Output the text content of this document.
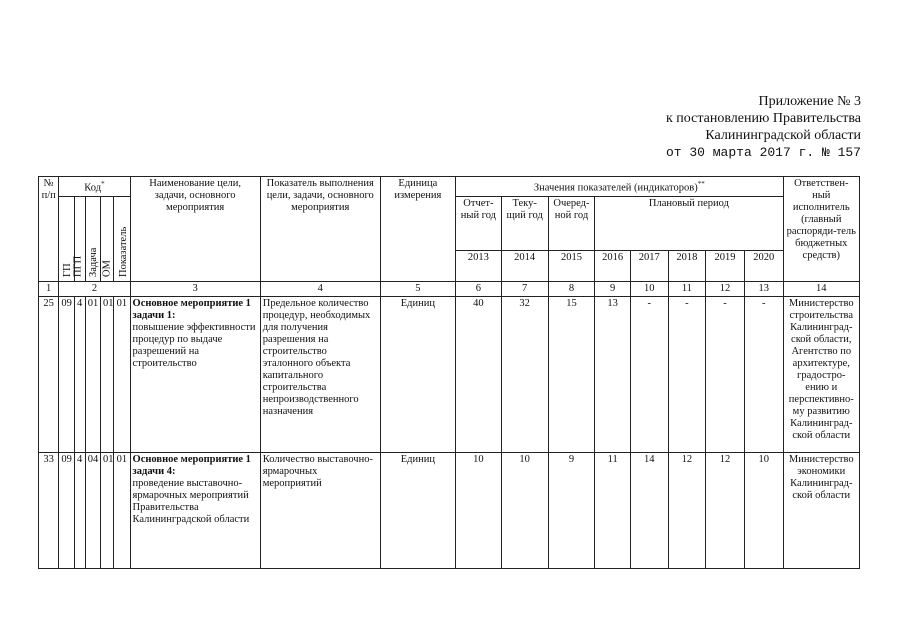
Приложение № 3
к постановлению Правительства
Калининградской области
от 30 марта 2017 г. № 157
№ п/п	Код*					Наименование цели, задачи, основного мероприятия	Показатель выполнения цели, задачи, основного мероприятия	Единица измерения	Значения показателей (индикаторов)**								Ответствен-ный исполнитель (главный распоряди-тель бюджетных средств)
	ГП	ПГП	Задача	ОМ	Показатель				Отчет-ный год	Теку-щий год	Очеред-ной год	Плановый период					
									2013	2014	2015	2016	2017	2018	2019	2020	
1	2					3	4	5	6	7	8	9	10	11	12	13	14
25	09	4	01	01	01	Основное мероприятие 1 задачи 1:
повышение эффективности процедур по выдаче разрешений на строительство	Предельное количество процедур, необходимых для получения разрешения на строительство эталонного объекта капитального строительства непроизводственного назначения	Единиц	40	32	15	13	-	-	-	-	Министерство строительства Калининград-ской области, Агентство по архитектуре, градостро-ению и перспективно-му развитию Калининград-ской области
33	09	4	04	01	01	Основное мероприятие 1 задачи 4:
проведение выставочно-ярмарочных мероприятий Правительства Калининградской области	Количество выставочно-ярмарочных мероприятий	Единиц	10	10	9	11	14	12	12	10	Министерство экономики Калининград-ской области
